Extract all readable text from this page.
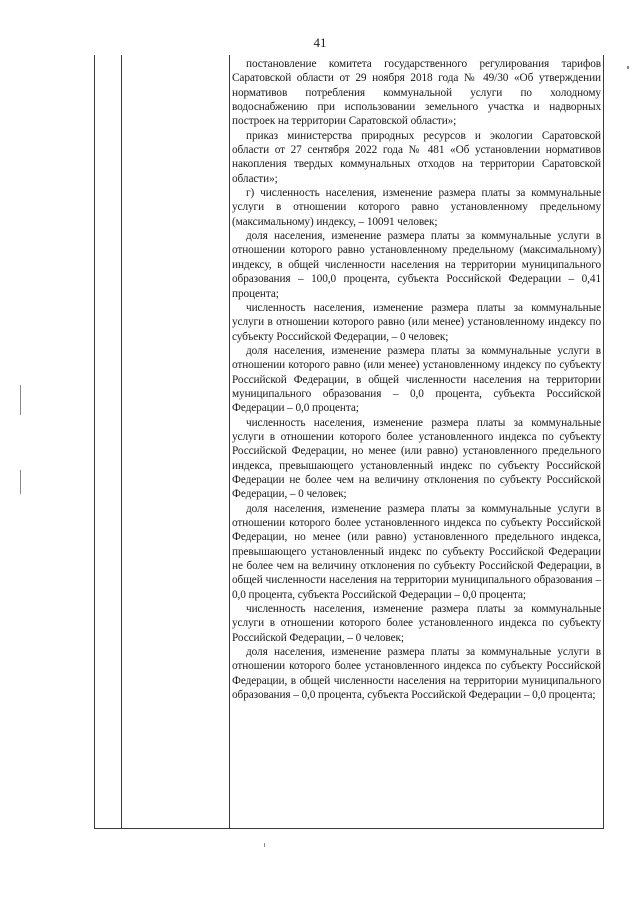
41

постановление комитета государственного регулирования тарифов Саратовской области от 29 ноября 2018 года № 49/30 «Об утверждении нормативов потребления коммунальной услуги по холодному водоснабжению при использовании земельного участка и надворных построек на территории Саратовской области»;

приказ министерства природных ресурсов и экологии Саратовской области от 27 сентября 2022 года № 481 «Об установлении нормативов накопления твердых коммунальных отходов на территории Саратовской области»;

г) численность населения, изменение размера платы за коммунальные услуги в отношении которого равно установленному предельному (максимальному) индексу, – 10091 человек;

доля населения, изменение размера платы за коммунальные услуги в отношении которого равно установленному предельному (максимальному) индексу, в общей численности населения на территории муниципального образования – 100,0 процента, субъекта Российской Федерации – 0,41 процента;

численность населения, изменение размера платы за коммунальные услуги в отношении которого равно (или менее) установленному индексу по субъекту Российской Федерации, – 0 человек;

доля населения, изменение размера платы за коммунальные услуги в отношении которого равно (или менее) установленному индексу по субъекту Российской Федерации, в общей численности населения на территории муниципального образования – 0,0 процента, субъекта Российской Федерации – 0,0 процента;

численность населения, изменение размера платы за коммунальные услуги в отношении которого более установленного индекса по субъекту Российской Федерации, но менее (или равно) установленного предельного индекса, превышающего установленный индекс по субъекту Российской Федерации не более чем на величину отклонения по субъекту Российской Федерации, – 0 человек;

доля населения, изменение размера платы за коммунальные услуги в отношении которого более установленного индекса по субъекту Российской Федерации, но менее (или равно) установленного предельного индекса, превышающего установленный индекс по субъекту Российской Федерации не более чем на величину отклонения по субъекту Российской Федерации, в общей численности населения на территории муниципального образования – 0,0 процента, субъекта Российской Федерации – 0,0 процента;

численность населения, изменение размера платы за коммунальные услуги в отношении которого более установленного индекса по субъекту Российской Федерации, – 0 человек;

доля населения, изменение размера платы за коммунальные услуги в отношении которого более установленного индекса по субъекту Российской Федерации, в общей численности населения на территории муниципального образования – 0,0 процента, субъекта Российской Федерации – 0,0 процента;
